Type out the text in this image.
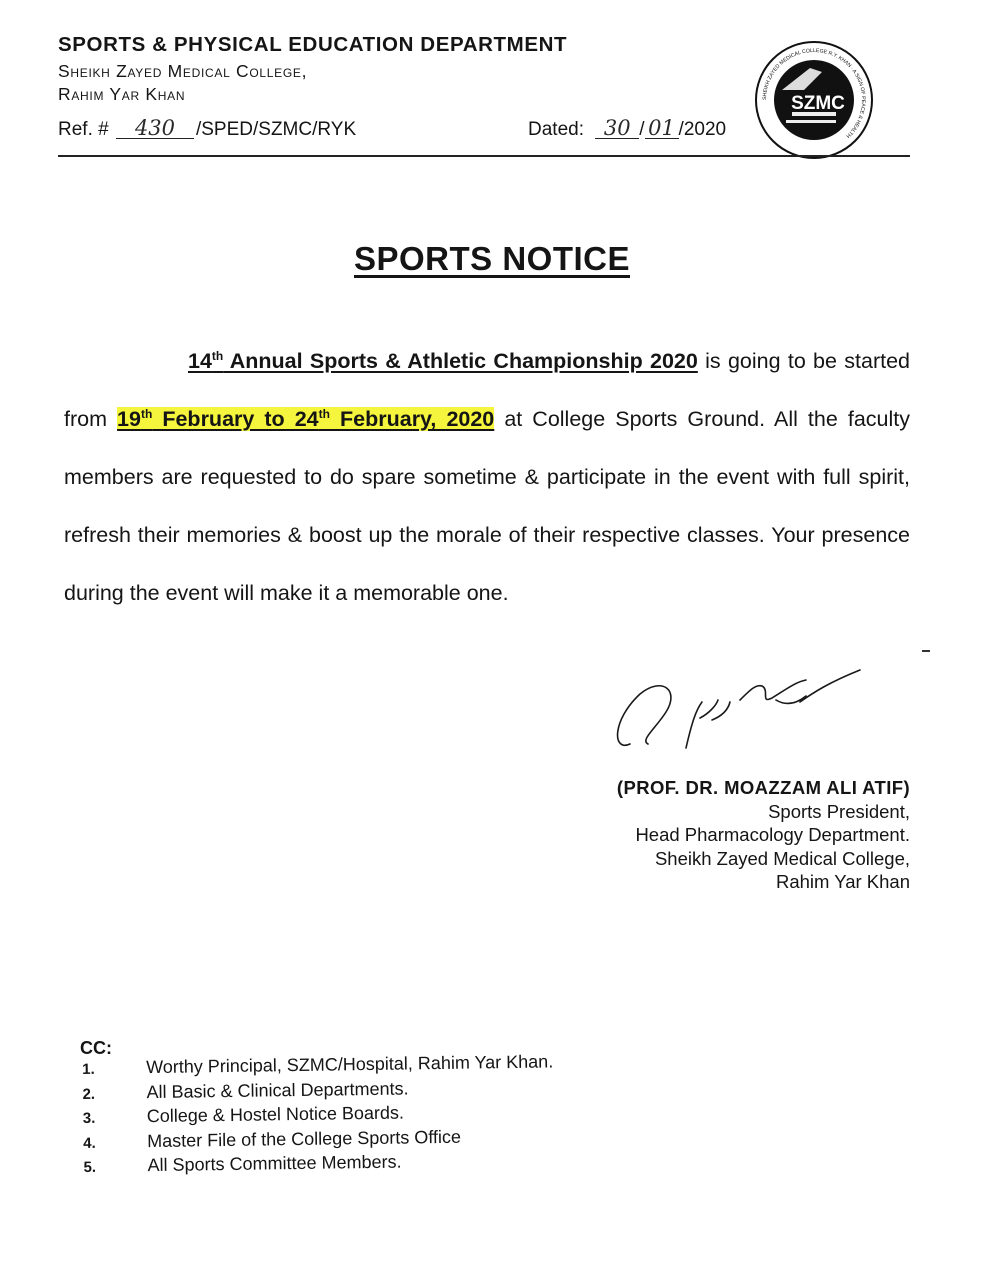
SPORTS & PHYSICAL EDUCATION DEPARTMENT
Sheikh Zayed Medical College,
Rahim Yar Khan
Ref. # 430 /SPED/SZMC/RYK	Dated: 30 / 01 /2020
SHEIKH ZAYED MEDICAL COLLEGE R.Y. KHAN · A SIGN OF PEACE & HEALTH
SZMC
SPORTS NOTICE
14th Annual Sports & Athletic Championship 2020 is going to be started from 19th February to 24th February, 2020 at College Sports Ground. All the faculty members are requested to do spare sometime & participate in the event with full spirit, refresh their memories & boost up the morale of their respective classes. Your presence during the event will make it a memorable one.
(PROF. DR. MOAZZAM ALI ATIF)
Sports President,
Head Pharmacology Department.
Sheikh Zayed Medical College,
Rahim Yar Khan
CC:
1.	Worthy Principal, SZMC/Hospital, Rahim Yar Khan.
2.	All Basic & Clinical Departments.
3.	College & Hostel Notice Boards.
4.	Master File of the College Sports Office
5.	All Sports Committee Members.
